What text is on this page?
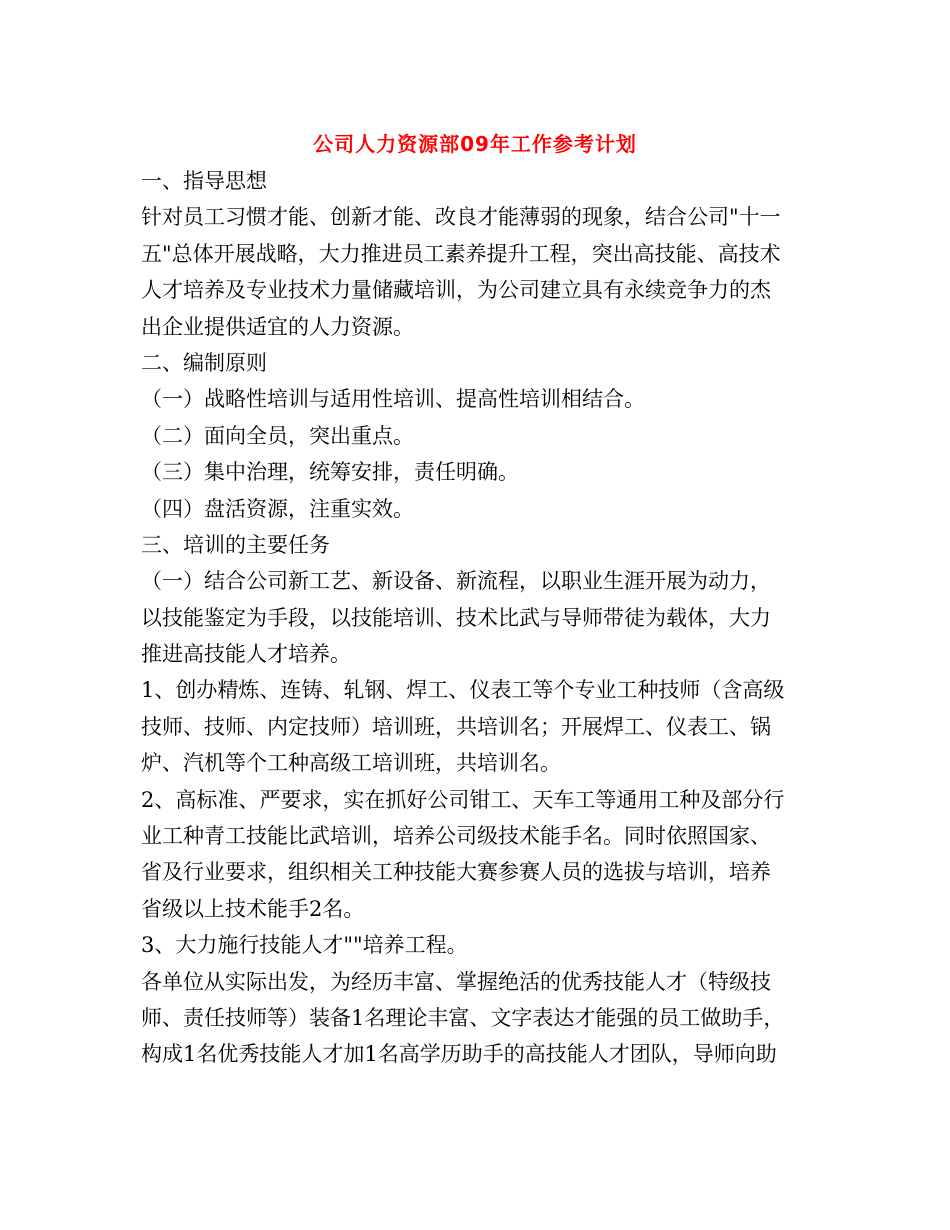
公司人力资源部09年工作参考计划
一、指导思想
针对员工习惯才能、创新才能、改良才能薄弱的现象，结合公司"十一
五"总体开展战略，大力推进员工素养提升工程，突出高技能、高技术
人才培养及专业技术力量储藏培训，为公司建立具有永续竞争力的杰
出企业提供适宜的人力资源。
二、编制原则
（一）战略性培训与适用性培训、提高性培训相结合。
（二）面向全员，突出重点。
（三）集中治理，统筹安排，责任明确。
（四）盘活资源，注重实效。
三、培训的主要任务
（一）结合公司新工艺、新设备、新流程，以职业生涯开展为动力，
以技能鉴定为手段，以技能培训、技术比武与导师带徒为载体，大力
推进高技能人才培养。
1、创办精炼、连铸、轧钢、焊工、仪表工等个专业工种技师（含高级
技师、技师、内定技师）培训班，共培训名；开展焊工、仪表工、锅
炉、汽机等个工种高级工培训班，共培训名。
2、高标准、严要求，实在抓好公司钳工、天车工等通用工种及部分行
业工种青工技能比武培训，培养公司级技术能手名。同时依照国家、
省及行业要求，组织相关工种技能大赛参赛人员的选拔与培训，培养
省级以上技术能手2名。
3、大力施行技能人才""培养工程。
各单位从实际出发，为经历丰富、掌握绝活的优秀技能人才（特级技
师、责任技师等）装备1名理论丰富、文字表达才能强的员工做助手，
构成1名优秀技能人才加1名高学历助手的高技能人才团队，导师向助
